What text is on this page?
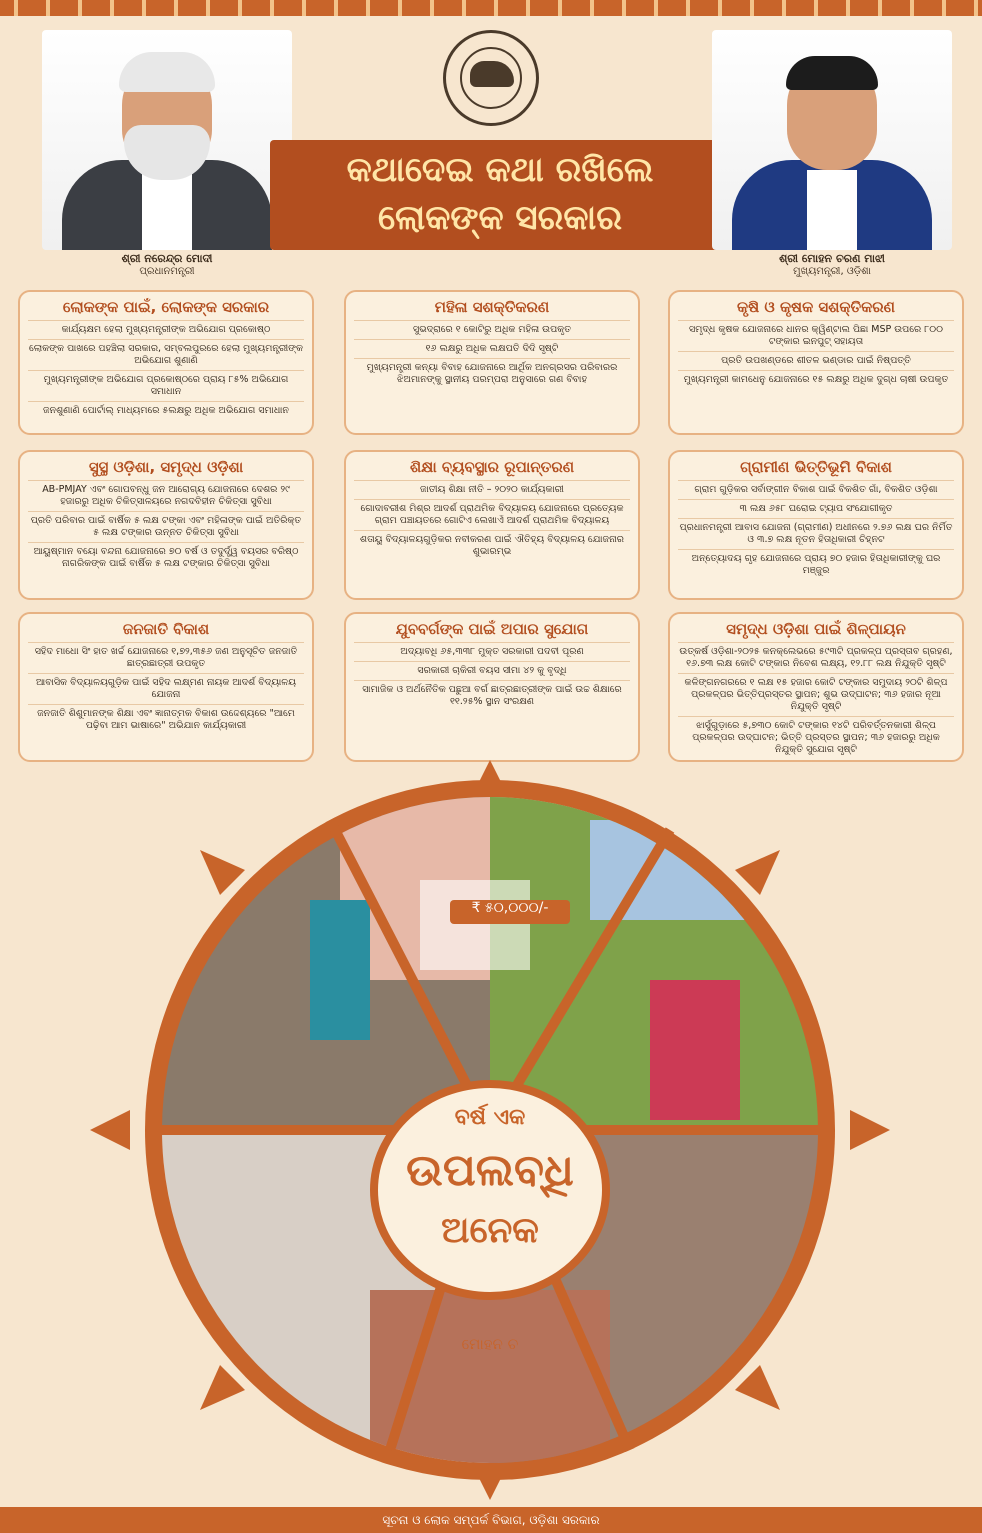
ଶ୍ରୀ ନରେନ୍ଦ୍ର ମୋଦୀ
ପ୍ରଧାନମନ୍ତ୍ରୀ
କଥାଦେଇ କଥା ରଖିଲେ
ଲୋକଙ୍କ ସରକାର
ଶ୍ରୀ ମୋହନ ଚରଣ ମାଝୀ
ମୁଖ୍ୟମନ୍ତ୍ରୀ, ଓଡ଼ିଶା
ଲୋକଙ୍କ ପାଇଁ, ଲୋକଙ୍କ ସରକାର
କାର୍ଯ୍ୟକ୍ଷମ ହେଲା ମୁଖ୍ୟମନ୍ତ୍ରୀଙ୍କ ଅଭିଯୋଗ ପ୍ରକୋଷ୍ଠ
ଲୋକଙ୍କ ପାଖରେ ପହଞ୍ଚିଲା ସରକାର, ସମ୍ବଲପୁରରେ ହେଲା ମୁଖ୍ୟମନ୍ତ୍ରୀଙ୍କ ଅଭିଯୋଗ ଶୁଣାଣି
ମୁଖ୍ୟମନ୍ତ୍ରୀଙ୍କ ଅଭିଯୋଗ ପ୍ରକୋଷ୍ଠରେ ପ୍ରାୟ ୮୫% ଅଭିଯୋଗ ସମାଧାନ
ଜନଶୁଣାଣି ପୋର୍ଟାଲ୍ ମାଧ୍ୟମରେ ୫ଲକ୍ଷରୁ ଅଧିକ ଅଭିଯୋଗ ସମାଧାନ
ମହିଳା ସଶକ୍ତିକରଣ
ସୁଭଦ୍ରାରେ ୧ କୋଟିରୁ ଅଧିକ ମହିଳା ଉପକୃତ
୧୬ ଲକ୍ଷରୁ ଅଧିକ ଲକ୍ଷପତି ଦିଦି ସୃଷ୍ଟି
ମୁଖ୍ୟମନ୍ତ୍ରୀ କନ୍ୟା ବିବାହ ଯୋଜନାରେ ଆର୍ଥିକ ଅନଗ୍ରସର ପରିବାରର ଝିଅମାନଙ୍କୁ ସ୍ଥାନୀୟ ପରମ୍ପରା ଅନୁସାରେ ଗଣ ବିବାହ
କୃଷି ଓ କୃଷକ ସଶକ୍ତିକରଣ
ସମୃଦ୍ଧ କୃଷକ ଯୋଜନାରେ ଧାନର କ୍ୱିଣ୍ଟାଲ ପିଛା MSP ଉପରେ ୮୦୦ ଟଙ୍କାର ଇନପୁଟ୍ ସହାୟତା
ପ୍ରତି ଉପଖଣ୍ଡରେ ଶୀତଳ ଭଣ୍ଡାର ପାଇଁ ନିଷ୍ପତ୍ତି
ମୁଖ୍ୟମନ୍ତ୍ରୀ କାମଧେନୁ ଯୋଜନାରେ ୧୫ ଲକ୍ଷରୁ ଅଧିକ ଦୁଗ୍ଧ ଚାଷୀ ଉପକୃତ
ସୁସ୍ଥ ଓଡ଼ିଶା, ସମୃଦ୍ଧ ଓଡ଼ିଶା
AB-PMJAY ଏବଂ ଗୋପବନ୍ଧୁ ଜନ ଆରୋଗ୍ୟ ଯୋଜନାରେ ଦେଶର ୨୯ ହଜାରରୁ ଅଧିକ ଚିକିତ୍ସାଳୟରେ ନଗଦବିହୀନ ଚିକିତ୍ସା ସୁବିଧା
ପ୍ରତି ପରିବାର ପାଇଁ ବାର୍ଷିକ ୫ ଲକ୍ଷ ଟଙ୍କା ଏବଂ ମହିଳାଙ୍କ ପାଇଁ ଅତିରିକ୍ତ ୫ ଲକ୍ଷ ଟଙ୍କାର ଉନ୍ନତ ଚିକିତ୍ସା ସୁବିଧା
ଆୟୁଷ୍ମାନ ବୟୋ ବନ୍ଦନା ଯୋଜନାରେ ୭୦ ବର୍ଷ ଓ ତଦୁର୍ଦ୍ଧ୍ୱ ବୟସର ବରିଷ୍ଠ ନାଗରିକଙ୍କ ପାଇଁ ବାର୍ଷିକ ୫ ଲକ୍ଷ ଟଙ୍କାର ଚିକିତ୍ସା ସୁବିଧା
ଶିକ୍ଷା ବ୍ୟବସ୍ଥାର ରୂପାନ୍ତରଣ
ଜାତୀୟ ଶିକ୍ଷା ନୀତି – ୨୦୨୦ କାର୍ଯ୍ୟକାରୀ
ଗୋଦାବରୀଶ ମିଶ୍ର ଆଦର୍ଶ ପ୍ରାଥମିକ ବିଦ୍ୟାଳୟ ଯୋଜନାରେ ପ୍ରତ୍ୟେକ ଗ୍ରାମ ପଞ୍ଚାୟତରେ ଗୋଟିଏ ଲେଖାଏଁ ଆଦର୍ଶ ପ୍ରାଥମିକ ବିଦ୍ୟାଳୟ
ଶତାୟୁ ବିଦ୍ୟାଳୟଗୁଡ଼ିକର ନବୀକରଣ ପାଇଁ ଐତିହ୍ୟ ବିଦ୍ୟାଳୟ ଯୋଜନାର ଶୁଭାରମ୍ଭ
ଗ୍ରାମୀଣ ଭିତ୍ତିଭୂମି ବିକାଶ
ଗ୍ରାମ ଗୁଡ଼ିକର ସର୍ବାଙ୍ଗୀନ ବିକାଶ ପାଇଁ ବିକଶିତ ଗାଁ, ବିକଶିତ ଓଡ଼ିଶା
୩ ଲକ୍ଷ ୬୫୮ ଘରୋଇ ଟ୍ୟାପ ସଂଯୋଗୀକୃତ
ପ୍ରଧାନମନ୍ତ୍ରୀ ଆବାସ ଯୋଜନା (ଗ୍ରାମୀଣ) ଅଧୀନରେ ୨.୭୬ ଲକ୍ଷ ଘର ନିର୍ମିତ ଓ ୩.୭ ଲକ୍ଷ ନୂତନ ହିତାଧିକାରୀ ଚିହ୍ନଟ
ଅନ୍ତ୍ୟୋଦୟ ଗୃହ ଯୋଜନାରେ ପ୍ରାୟ ୭୦ ହଜାର ହିତାଧିକାରୀଙ୍କୁ ଘର ମଞ୍ଜୁର
ଜନଜାତି ବିକାଶ
ସହିଦ ମାଧୋ ସିଂ ହାତ ଖର୍ଚ୍ଚ ଯୋଜନାରେ ୧,୭୨,୩୫୬ ଜଣ ଅନୁସୂଚିତ ଜନଜାତି ଛାତ୍ରଛାତ୍ରୀ ଉପକୃତ
ଆବାସିକ ବିଦ୍ୟାଳୟଗୁଡ଼ିକ ପାଇଁ ସହିଦ ଲକ୍ଷ୍ମଣ ନାୟକ ଆଦର୍ଶ ବିଦ୍ୟାଳୟ ଯୋଜନା
ଜନଜାତି ଶିଶୁମାନଙ୍କ ଶିକ୍ଷା ଏବଂ ଜ୍ଞାନାତ୍ମକ ବିକାଶ ଉଦ୍ଦେଶ୍ୟରେ "ଆମେ ପଢ଼ିବା ଆମ ଭାଷାରେ" ଅଭିଯାନ କାର୍ଯ୍ୟକାରୀ
ଯୁବବର୍ଗଙ୍କ ପାଇଁ ଅପାର ସୁଯୋଗ
ଅଦ୍ୟାବଧି ୬୫,୩୩୮ ମୁକ୍ତ ସରକାରୀ ପଦବୀ ପୂରଣ
ସରକାରୀ ଚାକିରୀ ବୟସ ସୀମା ୪୨ କୁ ବୃଦ୍ଧି
ସାମାଜିକ ଓ ଅର୍ଥନୈତିକ ପଛୁଆ ବର୍ଗ ଛାତ୍ରଛାତ୍ରୀଙ୍କ ପାଇଁ ଉଚ୍ଚ ଶିକ୍ଷାରେ ୧୧.୨୫% ସ୍ଥାନ ସଂରକ୍ଷଣ
ସମୃଦ୍ଧ ଓଡ଼ିଶା ପାଇଁ ଶିଳ୍ପାୟନ
ଉତ୍କର୍ଷ ଓଡ଼ିଶା-୨୦୨୫ କନକ୍ଲେଭରେ ୫୯୩ଟି ପ୍ରକଳ୍ପ ପ୍ରସ୍ତାବ ଗ୍ରହଣ, ୧୬.୭୩ ଲକ୍ଷ କୋଟି ଟଙ୍କାର ନିବେଶ ଲକ୍ଷ୍ୟ, ୧୨.୮୮ ଲକ୍ଷ ନିଯୁକ୍ତି ସୃଷ୍ଟି
କଳିଙ୍ଗନଗରରେ ୧ ଲକ୍ଷ ୧୫ ହଜାର କୋଟି ଟଙ୍କାର ସମୁଦାୟ ୨୦ଟି ଶିଳ୍ପ ପ୍ରକଳ୍ପର ଭିତ୍ତିପ୍ରସ୍ତର ସ୍ଥାପନ; ଶୁଭ ଉଦ୍‌ଘାଟନ; ୩୬ ହଜାର ନୂଆ ନିଯୁକ୍ତି ସୃଷ୍ଟି
ଝାର୍ସୁଗୁଡ଼ାରେ ୫,୭୩୦ କୋଟି ଟଙ୍କାର ୧୪ଟି ପରିବର୍ତ୍ତନକାରୀ ଶିଳ୍ପ ପ୍ରକଳ୍ପର ଉଦ୍‌ଘାଟନ; ଭିତ୍ତି ପ୍ରସ୍ତର ସ୍ଥାପନ; ୩୬ ହଜାରରୁ ଅଧିକ ନିଯୁକ୍ତି ସୁଯୋଗ ସୃଷ୍ଟି
₹ ୫୦,୦୦୦/-
ମୋହନ ଚ
ବର୍ଷ ଏକ
ଉପଲବ୍ଧି
ଅନେକ
ସୂଚନା ଓ ଲୋକ ସମ୍ପର୍କ ବିଭାଗ, ଓଡ଼ିଶା ସରକାର
